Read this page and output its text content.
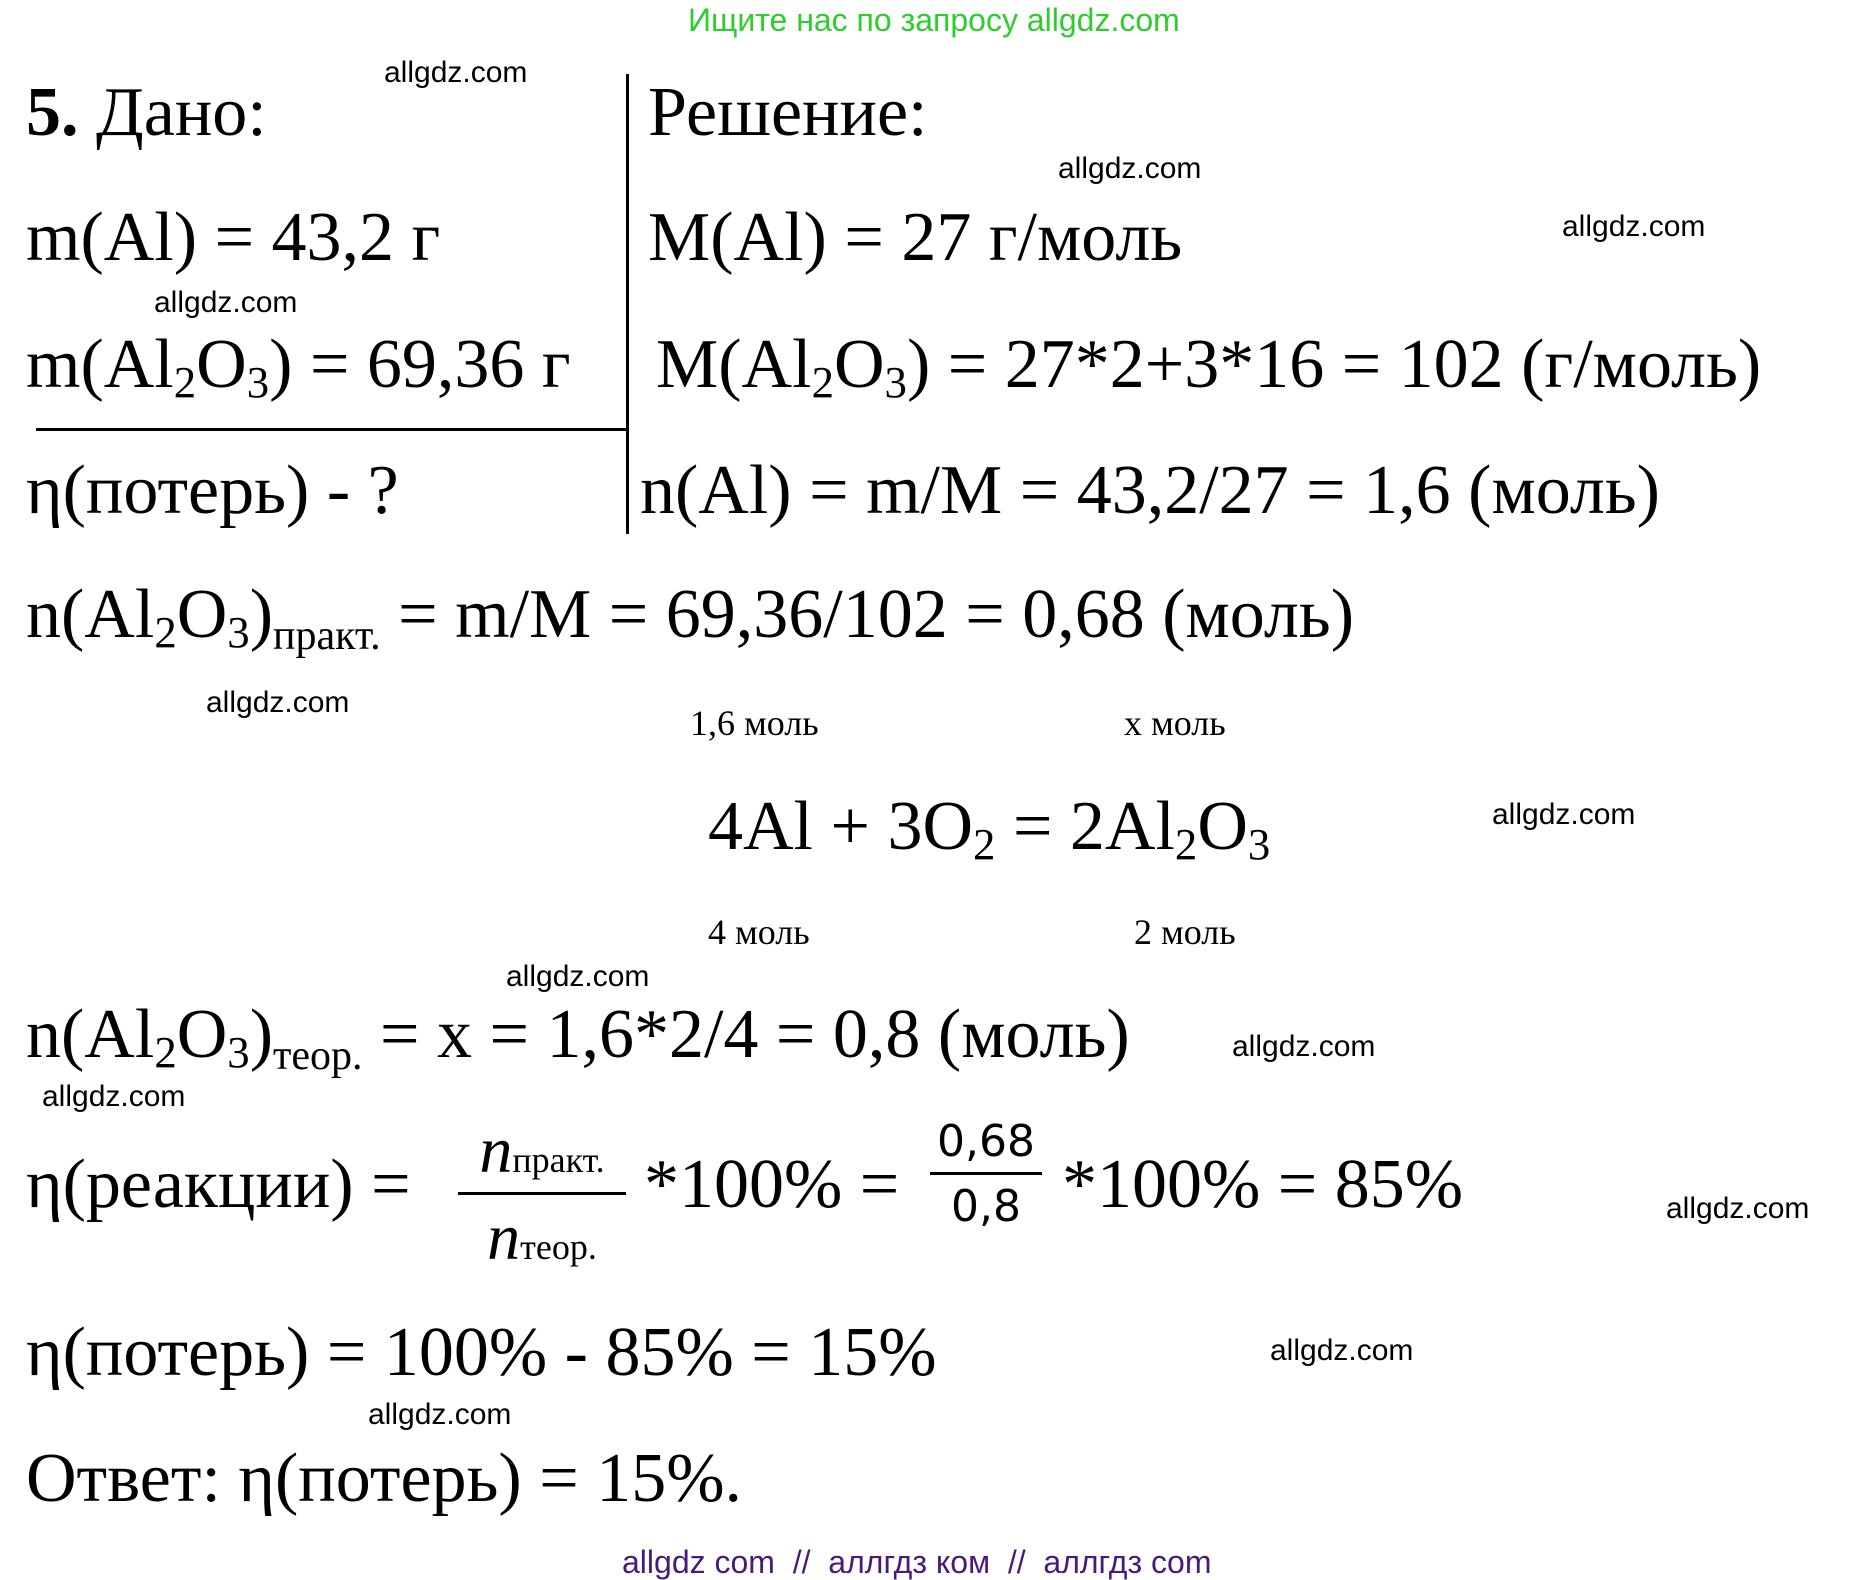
Ищите нас по запросу allgdz.com
5. Дано:	Решение:
m(Al) = 43,2 г
$m(Al_2O_3) = 69,36$ г
η(потерь) - ?
M(Al) = 27 г/моль
$M(Al_2O_3) = 27*2+3*16 = 102$ (г/моль)
n(Al) = m/M = 43,2/27 = 1,6 (моль)
$n(Al_2O_3)практ$. = m/M = 69,36/102 = 0,68 (моль)
1,6 моль	х моль
$4Al + 3O_2 = 2Al_2O_3$
4 моль	2 моль
$n(Al_2O_3)теор$. = х = 1,6*2/4 = 0,8 (моль)
η(реакции) = nпракт.
nтеор.
*100% =
0,68
0,8 *100% = 85%
η(потерь) = 100% - 85% = 15%
Ответ: η(потерь) = 15%.
allgdz.com
allgdz.com
allgdz.com
allgdz.com
allgdz.com
allgdz.com
allgdz.com
allgdz.com
allgdz.com
allgdz.com
allgdz.com
allgdz.com
allgdz com  //  аллгдз ком  //  аллгдз com
